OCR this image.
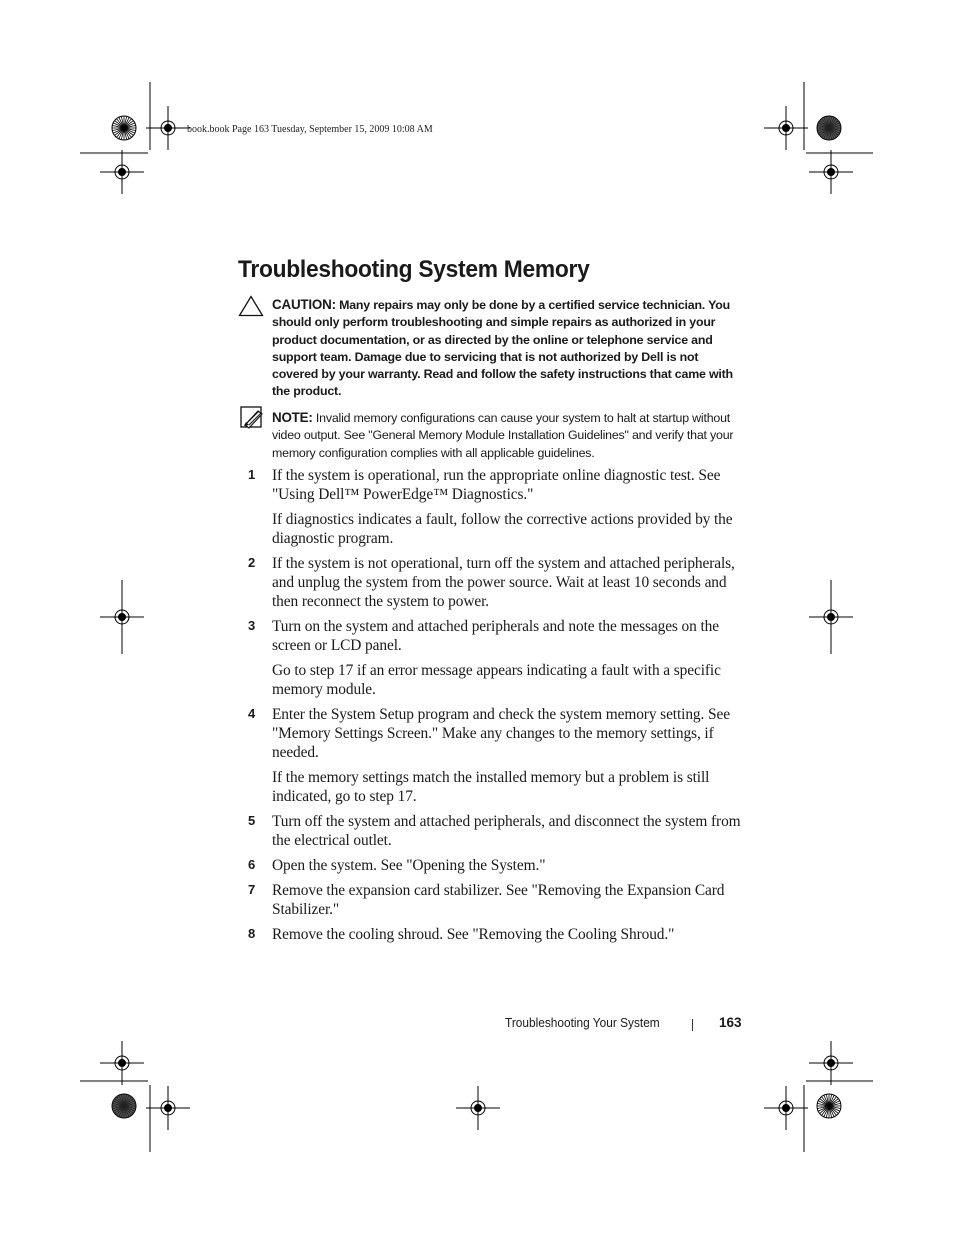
book.book Page 163 Tuesday, September 15, 2009 10:08 AM
Troubleshooting System Memory
CAUTION: Many repairs may only be done by a certified service technician. You should only perform troubleshooting and simple repairs as authorized in your product documentation, or as directed by the online or telephone service and support team. Damage due to servicing that is not authorized by Dell is not covered by your warranty. Read and follow the safety instructions that came with the product.
NOTE: Invalid memory configurations can cause your system to halt at startup without video output. See "General Memory Module Installation Guidelines" and verify that your memory configuration complies with all applicable guidelines.
1 If the system is operational, run the appropriate online diagnostic test. See "Using Dell™ PowerEdge™ Diagnostics."

If diagnostics indicates a fault, follow the corrective actions provided by the diagnostic program.

2 If the system is not operational, turn off the system and attached peripherals, and unplug the system from the power source. Wait at least 10 seconds and then reconnect the system to power.

3 Turn on the system and attached peripherals and note the messages on the screen or LCD panel.

Go to step 17 if an error message appears indicating a fault with a specific memory module.

4 Enter the System Setup program and check the system memory setting. See "Memory Settings Screen." Make any changes to the memory settings, if needed.

If the memory settings match the installed memory but a problem is still indicated, go to step 17.

5 Turn off the system and attached peripherals, and disconnect the system from the electrical outlet.

6 Open the system. See "Opening the System."

7 Remove the expansion card stabilizer. See "Removing the Expansion Card Stabilizer."

8 Remove the cooling shroud. See "Removing the Cooling Shroud."

Troubleshooting Your System	163
